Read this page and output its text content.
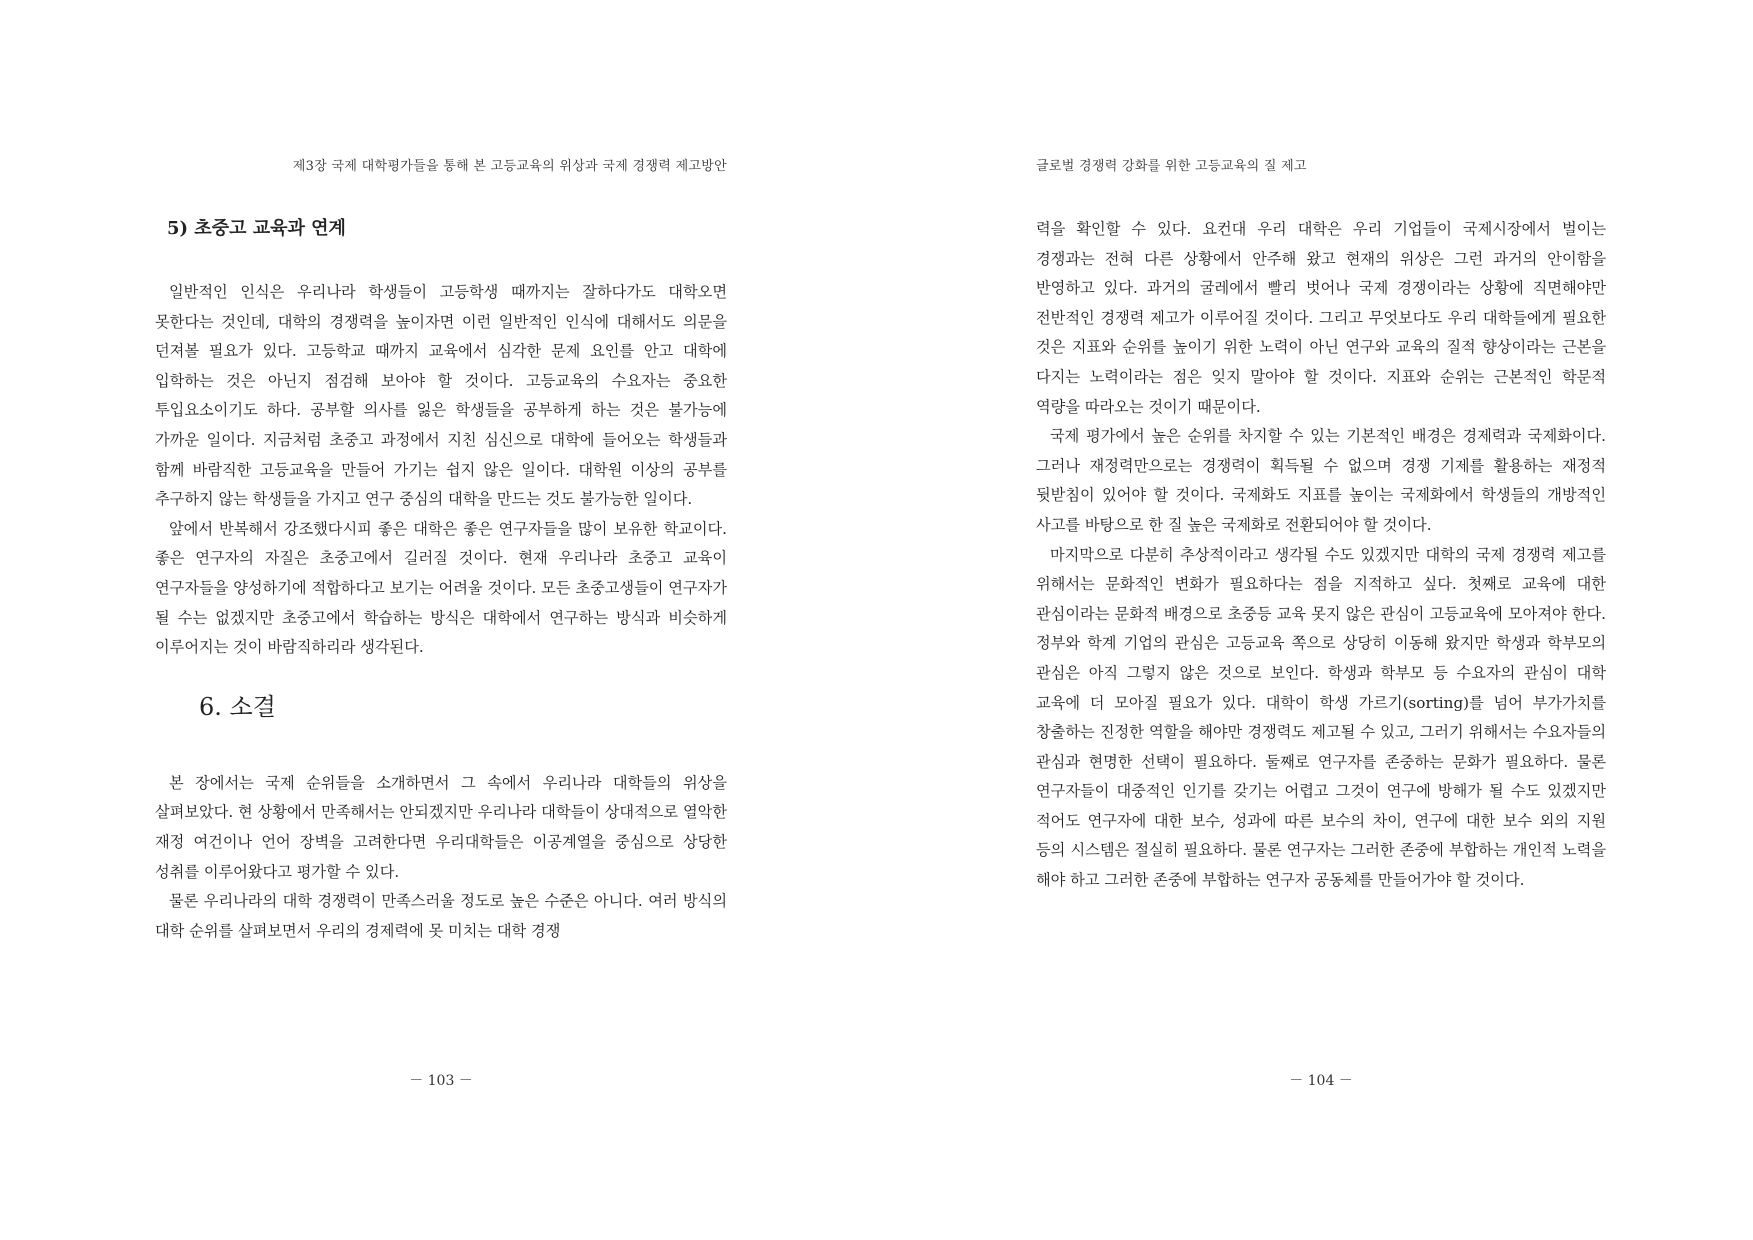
제3장 국제 대학평가들을 통해 본 고등교육의 위상과 국제 경쟁력 제고방안
5) 초중고 교육과 연계

일반적인 인식은 우리나라 학생들이 고등학생 때까지는 잘하다가도 대학오면 못한다는 것인데, 대학의 경쟁력을 높이자면 이런 일반적인 인식에 대해서도 의문을 던져볼 필요가 있다. 고등학교 때까지 교육에서 심각한 문제 요인를 안고 대학에 입학하는 것은 아닌지 점검해 보아야 할 것이다. 고등교육의 수요자는 중요한 투입요소이기도 하다. 공부할 의사를 잃은 학생들을 공부하게 하는 것은 불가능에 가까운 일이다. 지금처럼 초중고 과정에서 지친 심신으로 대학에 들어오는 학생들과 함께 바람직한 고등교육을 만들어 가기는 쉽지 않은 일이다. 대학원 이상의 공부를 추구하지 않는 학생들을 가지고 연구 중심의 대학을 만드는 것도 불가능한 일이다.

앞에서 반복해서 강조했다시피 좋은 대학은 좋은 연구자들을 많이 보유한 학교이다. 좋은 연구자의 자질은 초중고에서 길러질 것이다. 현재 우리나라 초중고 교육이 연구자들을 양성하기에 적합하다고 보기는 어려울 것이다. 모든 초중고생들이 연구자가 될 수는 없겠지만 초중고에서 학습하는 방식은 대학에서 연구하는 방식과 비슷하게 이루어지는 것이 바람직하리라 생각된다.

6. 소결

본 장에서는 국제 순위들을 소개하면서 그 속에서 우리나라 대학들의 위상을 살펴보았다. 현 상황에서 만족해서는 안되겠지만 우리나라 대학들이 상대적으로 열악한 재정 여건이나 언어 장벽을 고려한다면 우리대학들은 이공계열을 중심으로 상당한 성취를 이루어왔다고 평가할 수 있다.

물론 우리나라의 대학 경쟁력이 만족스러울 정도로 높은 수준은 아니다. 여러 방식의 대학 순위를 살펴보면서 우리의 경제력에 못 미치는 대학 경쟁

－ 103 －
글로벌 경쟁력 강화를 위한 고등교육의 질 제고

력을 확인할 수 있다. 요컨대 우리 대학은 우리 기업들이 국제시장에서 벌이는 경쟁과는 전혀 다른 상황에서 안주해 왔고 현재의 위상은 그런 과거의 안이함을 반영하고 있다. 과거의 굴레에서 빨리 벗어나 국제 경쟁이라는 상황에 직면해야만 전반적인 경쟁력 제고가 이루어질 것이다. 그리고 무엇보다도 우리 대학들에게 필요한 것은 지표와 순위를 높이기 위한 노력이 아닌 연구와 교육의 질적 향상이라는 근본을 다지는 노력이라는 점은 잊지 말아야 할 것이다. 지표와 순위는 근본적인 학문적 역량을 따라오는 것이기 때문이다.

국제 평가에서 높은 순위를 차지할 수 있는 기본적인 배경은 경제력과 국제화이다. 그러나 재정력만으로는 경쟁력이 획득될 수 없으며 경쟁 기제를 활용하는 재정적 뒷받침이 있어야 할 것이다. 국제화도 지표를 높이는 국제화에서 학생들의 개방적인 사고를 바탕으로 한 질 높은 국제화로 전환되어야 할 것이다.

마지막으로 다분히 추상적이라고 생각될 수도 있겠지만 대학의 국제 경쟁력 제고를 위해서는 문화적인 변화가 필요하다는 점을 지적하고 싶다. 첫째로 교육에 대한 관심이라는 문화적 배경으로 초중등 교육 못지 않은 관심이 고등교육에 모아져야 한다. 정부와 학계 기업의 관심은 고등교육 쪽으로 상당히 이동해 왔지만 학생과 학부모의 관심은 아직 그렇지 않은 것으로 보인다. 학생과 학부모 등 수요자의 관심이 대학 교육에 더 모아질 필요가 있다. 대학이 학생 가르기(sorting)를 넘어 부가가치를 창출하는 진정한 역할을 해야만 경쟁력도 제고될 수 있고, 그러기 위해서는 수요자들의 관심과 현명한 선택이 필요하다. 둘째로 연구자를 존중하는 문화가 필요하다. 물론 연구자들이 대중적인 인기를 갖기는 어렵고 그것이 연구에 방해가 될 수도 있겠지만 적어도 연구자에 대한 보수, 성과에 따른 보수의 차이, 연구에 대한 보수 외의 지원 등의 시스템은 절실히 필요하다. 물론 연구자는 그러한 존중에 부합하는 개인적 노력을 해야 하고 그러한 존중에 부합하는 연구자 공동체를 만들어가야 할 것이다.

－ 104 －
